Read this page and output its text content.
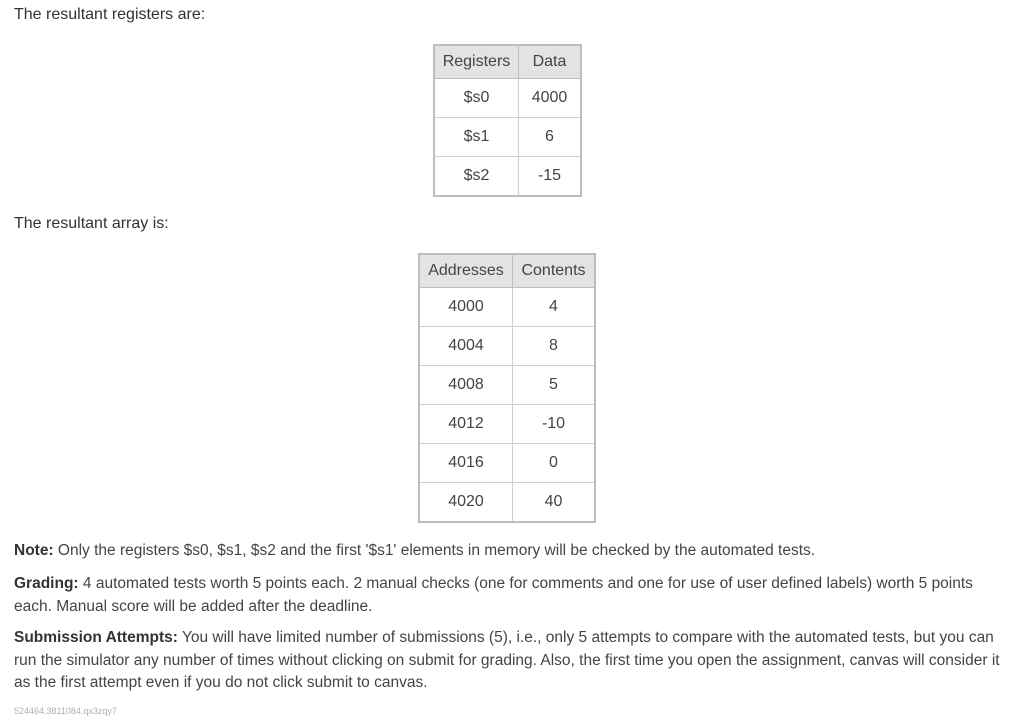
The resultant registers are:

Registers	Data
$s0	4000
$s1	6
$s2	-15

The resultant array is:

Addresses	Contents
4000	4
4004	8
4008	5
4012	-10
4016	0
4020	40

Note: Only the registers $s0, $s1, $s2 and the first '$s1' elements in memory will be checked by the automated tests.

Grading: 4 automated tests worth 5 points each. 2 manual checks (one for comments and one for use of user defined labels) worth 5 points each. Manual score will be added after the deadline.

Submission Attempts: You will have limited number of submissions (5), i.e., only 5 attempts to compare with the automated tests, but you can run the simulator any number of times without clicking on submit for grading. Also, the first time you open the assignment, canvas will consider it as the first attempt even if you do not click submit to canvas.

524464.3811084.qx3zqy7
